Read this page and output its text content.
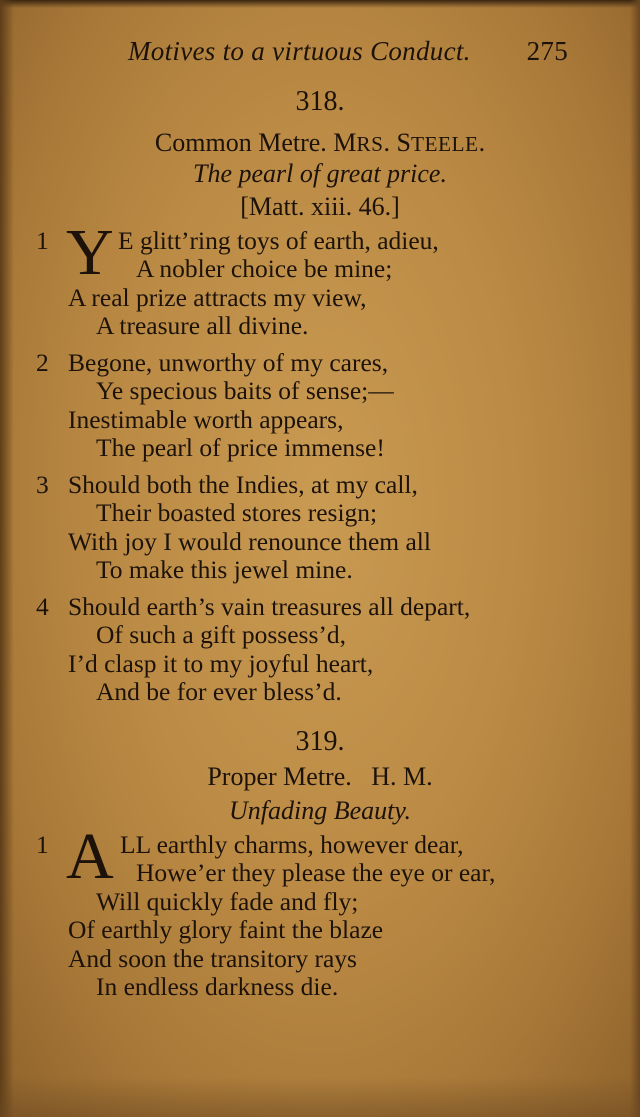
Motives to a virtuous Conduct. 275
318.
Common Metre. MRS. STEELE.
The pearl of great price.
[Matt. xiii. 46.]
1 Y E glitt’ring toys of earth, adieu,
A nobler choice be mine;
A real prize attracts my view,
A treasure all divine.
2 Begone, unworthy of my cares,
Ye specious baits of sense;—
Inestimable worth appears,
The pearl of price immense!
3 Should both the Indies, at my call,
Their boasted stores resign;
With joy I would renounce them all
To make this jewel mine.
4 Should earth’s vain treasures all depart,
Of such a gift possess’d,
I’d clasp it to my joyful heart,
And be for ever bless’d.
319.
Proper Metre.   H. M.
Unfading Beauty.
1 A LL earthly charms, however dear,
Howe’er they please the eye or ear,
Will quickly fade and fly;
Of earthly glory faint the blaze
And soon the transitory rays
In endless darkness die.
